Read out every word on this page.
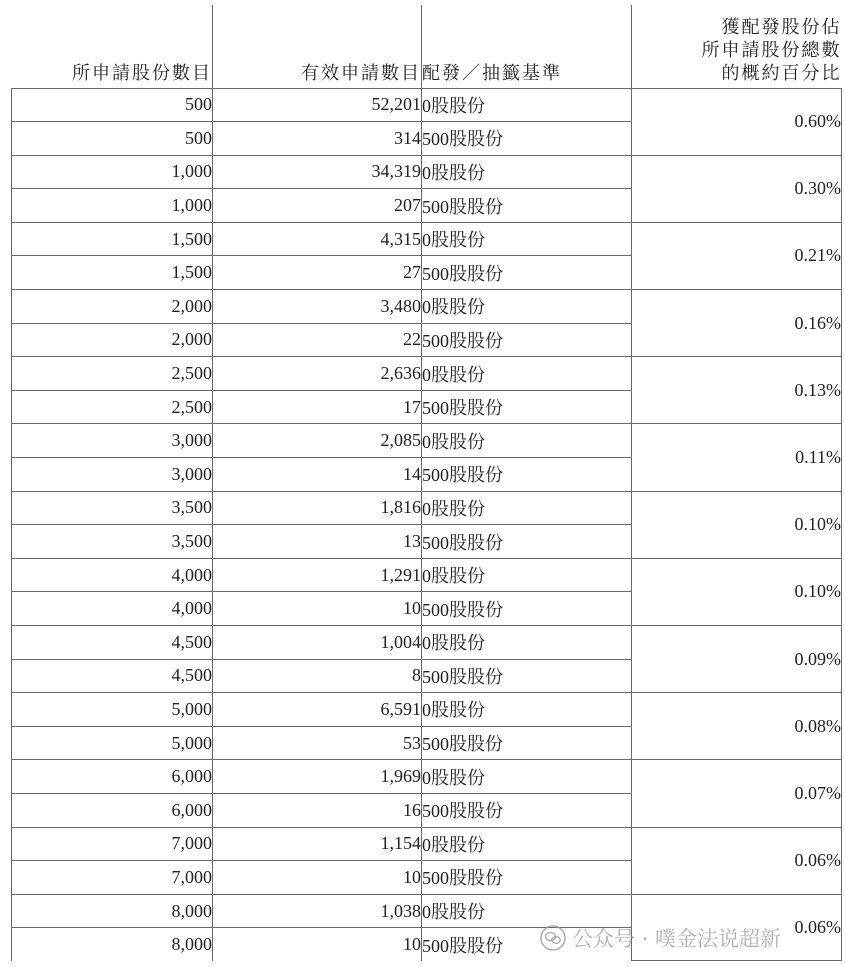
所申請股份數目	有效申請數目	配發／抽籤基準	獲配發股份佔
所申請股份總數
的概約百分比
500	52,201	0股股份	0.60%
500	314	500股股份	
1,000	34,319	0股股份	0.30%
1,000	207	500股股份	
1,500	4,315	0股股份	0.21%
1,500	27	500股股份	
2,000	3,480	0股股份	0.16%
2,000	22	500股股份	
2,500	2,636	0股股份	0.13%
2,500	17	500股股份	
3,000	2,085	0股股份	0.11%
3,000	14	500股股份	
3,500	1,816	0股股份	0.10%
3,500	13	500股股份	
4,000	1,291	0股股份	0.10%
4,000	10	500股股份	
4,500	1,004	0股股份	0.09%
4,500	8	500股股份	
5,000	6,591	0股股份	0.08%
5,000	53	500股股份	
6,000	1,969	0股股份	0.07%
6,000	16	500股股份	
7,000	1,154	0股股份	0.06%
7,000	10	500股股份	
8,000	1,038	0股股份	0.06%
8,000	10	500股股份		公众号 · 噗金法说超新
